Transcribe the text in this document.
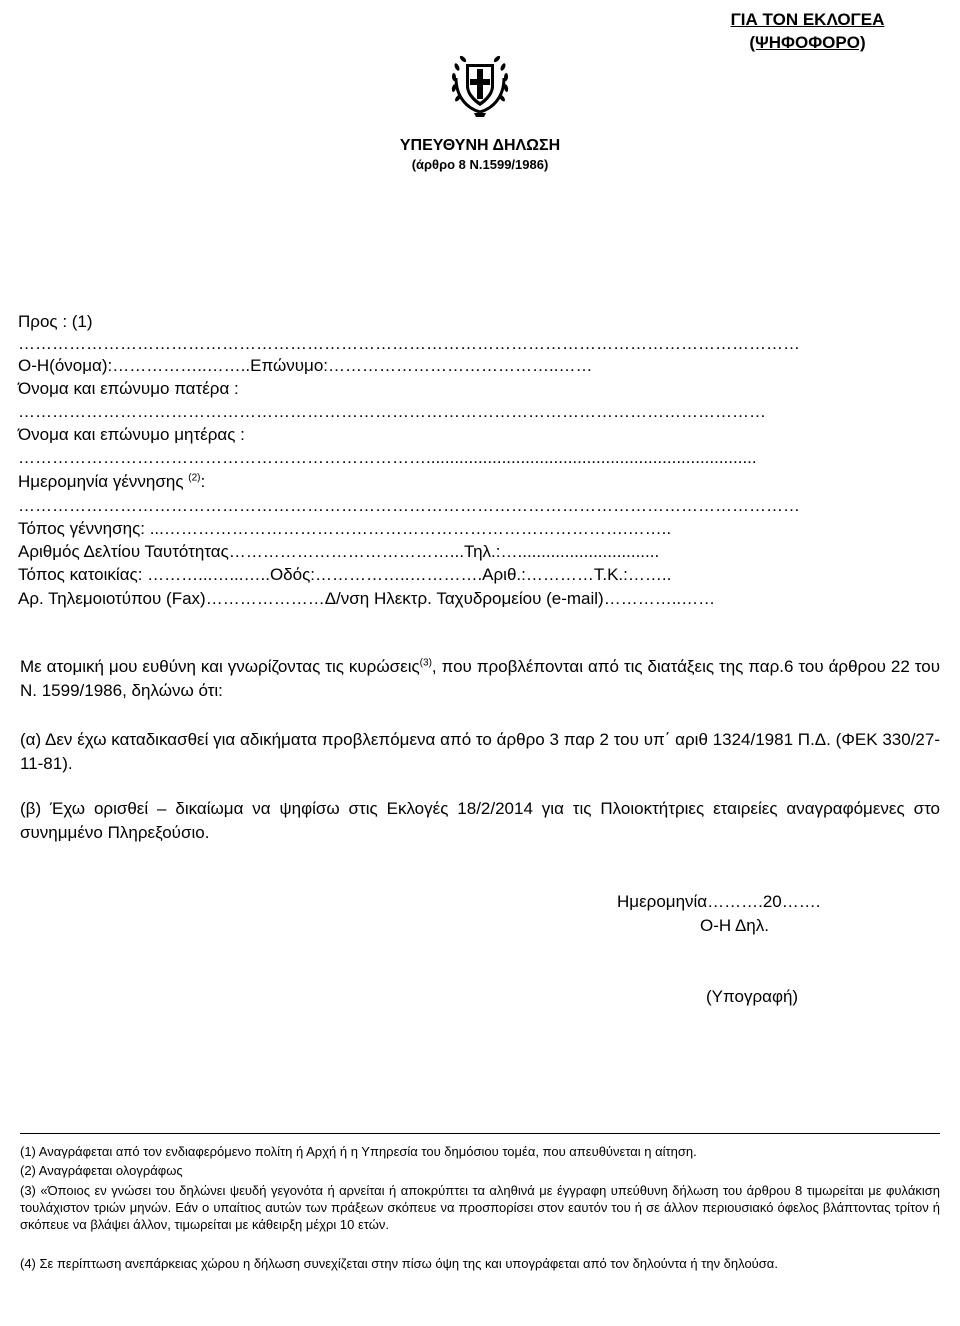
ΓΙΑ ΤΟΝ ΕΚΛΟΓΕΑ
(ΨΗΦΟΦΟΡΟ)
ΥΠΕΥΘΥΝΗ ΔΗΛΩΣΗ
(άρθρο 8 Ν.1599/1986)
Προς : (1)
…………………………………………………………………………………………………………………………
Ο-Η(όνομα):……………..……..Επώνυμο:…………………………………..……
Όνομα και επώνυμο πατέρα :
……………………………………………………………………………………………………………………
Όνομα και επώνυμο μητέρας :
………………………………………………………………......................................................................
Ημερομηνία γέννησης $^{(2)}$:
…………………………………………………………………………………………………………………………
Τόπος γέννησης: ...……………………………………………………………………….……..
Αριθμός Δελτίου Ταυτότητας…………………………………...Τηλ.:…..............................
Τόπος κατοικίας: ………...…...…..Οδός:……………..………….Αριθ.:…………Τ.Κ.:……..
Αρ. Τηλεμοιοτύπου (Fax)…………………Δ/νση Ηλεκτρ. Ταχυδρομείου (e-mail)…………..……
Με ατομική μου ευθύνη και γνωρίζοντας τις κυρώσεις$^{(3)}$, που προβλέπονται από τις διατάξεις της παρ.6 του άρθρου 22 του Ν. 1599/1986, δηλώνω ότι:
(α) Δεν έχω καταδικασθεί για αδικήματα προβλεπόμενα από το άρθρο 3 παρ 2 του υπ΄ αριθ 1324/1981 Π.Δ. (ΦΕΚ 330/27-11-81).
(β) Έχω ορισθεί – δικαίωμα να ψηφίσω στις Εκλογές 18/2/2014 για τις Πλοιοκτήτριες εταιρείες αναγραφόμενες στο συνημμένο Πληρεξούσιο.
Ημερομηνία……….20…….
Ο-Η Δηλ.
(Υπογραφή)
(1) Αναγράφεται από τον ενδιαφερόμενο πολίτη ή Αρχή ή η Υπηρεσία του δημόσιου τομέα, που απευθύνεται η αίτηση.
(2) Αναγράφεται ολογράφως
(3) «Όποιος εν γνώσει του δηλώνει ψευδή γεγονότα ή αρνείται ή αποκρύπτει τα αληθινά με έγγραφη υπεύθυνη δήλωση του άρθρου 8 τιμωρείται με φυλάκιση τουλάχιστον τριών μηνών. Εάν ο υπαίτιος αυτών των πράξεων σκόπευε να προσπορίσει στον εαυτόν του ή σε άλλον περιουσιακό όφελος βλάπτοντας τρίτον ή σκόπευε να βλάψει άλλον, τιμωρείται με κάθειρξη μέχρι 10 ετών.
(4) Σε περίπτωση ανεπάρκειας χώρου η δήλωση συνεχίζεται στην πίσω όψη της και υπογράφεται από τον δηλούντα ή την δηλούσα.
